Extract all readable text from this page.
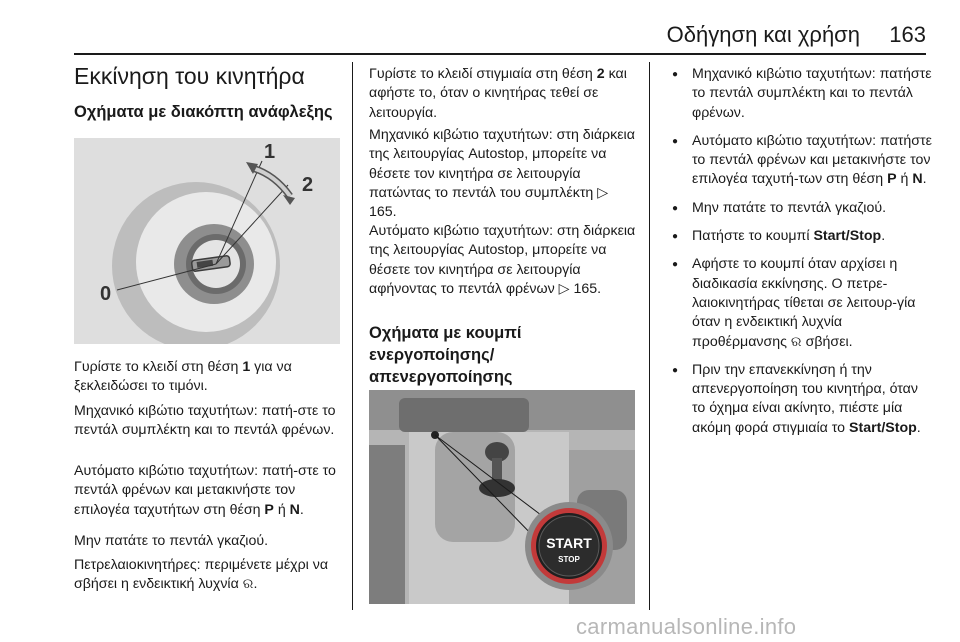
Οδήγηση και χρήση	163
Εκκίνηση του κινητήρα
Οχήματα με διακόπτη ανάφλεξης
1
2
0
Γυρίστε το κλειδί στη θέση 1 για να ξεκλειδώσει το τιμόνι.
Μηχανικό κιβώτιο ταχυτήτων: πατή-στε το πεντάλ συμπλέκτη και το πεντάλ φρένων.
Αυτόματο κιβώτιο ταχυτήτων: πατή-στε το πεντάλ φρένων και μετακινήστε τον επιλογέα ταχυτήτων στη θέση P ή N.
Μην πατάτε το πεντάλ γκαζιού.
Πετρελαιοκινητήρες: περιμένετε μέχρι να σβήσει η ενδεικτική λυχνία ର.
Γυρίστε το κλειδί στιγμιαία στη θέση 2 και αφήστε το, όταν ο κινητήρας τεθεί σε λειτουργία.
Μηχανικό κιβώτιο ταχυτήτων: στη διάρκεια της λειτουργίας Autostop, μπορείτε να θέσετε τον κινητήρα σε λειτουργία πατώντας το πεντάλ του συμπλέκτη ▷ 165.
Αυτόματο κιβώτιο ταχυτήτων: στη διάρκεια της λειτουργίας Autostop, μπορείτε να θέσετε τον κινητήρα σε λειτουργία αφήνοντας το πεντάλ φρένων ▷ 165.
Οχήματα με κουμπί ενεργοποίησης/ απενεργοποίησης
START
STOP
● Μηχανικό κιβώτιο ταχυτήτων: πατήστε το πεντάλ συμπλέκτη και το πεντάλ φρένων.
● Αυτόματο κιβώτιο ταχυτήτων: πατήστε το πεντάλ φρένων και μετακινήστε τον επιλογέα ταχυτή-των στη θέση P ή N.
● Μην πατάτε το πεντάλ γκαζιού.
● Πατήστε το κουμπί Start/Stop.
● Αφήστε το κουμπί όταν αρχίσει η διαδικασία εκκίνησης. Ο πετρε-λαιοκινητήρας τίθεται σε λειτουρ-γία όταν η ενδεικτική λυχνία προθέρμανσης ର σβήσει.
● Πριν την επανεκκίνηση ή την απενεργοποίηση του κινητήρα, όταν το όχημα είναι ακίνητο, πιέστε μία ακόμη φορά στιγμιαία το Start/Stop.
carmanualsonline.info
